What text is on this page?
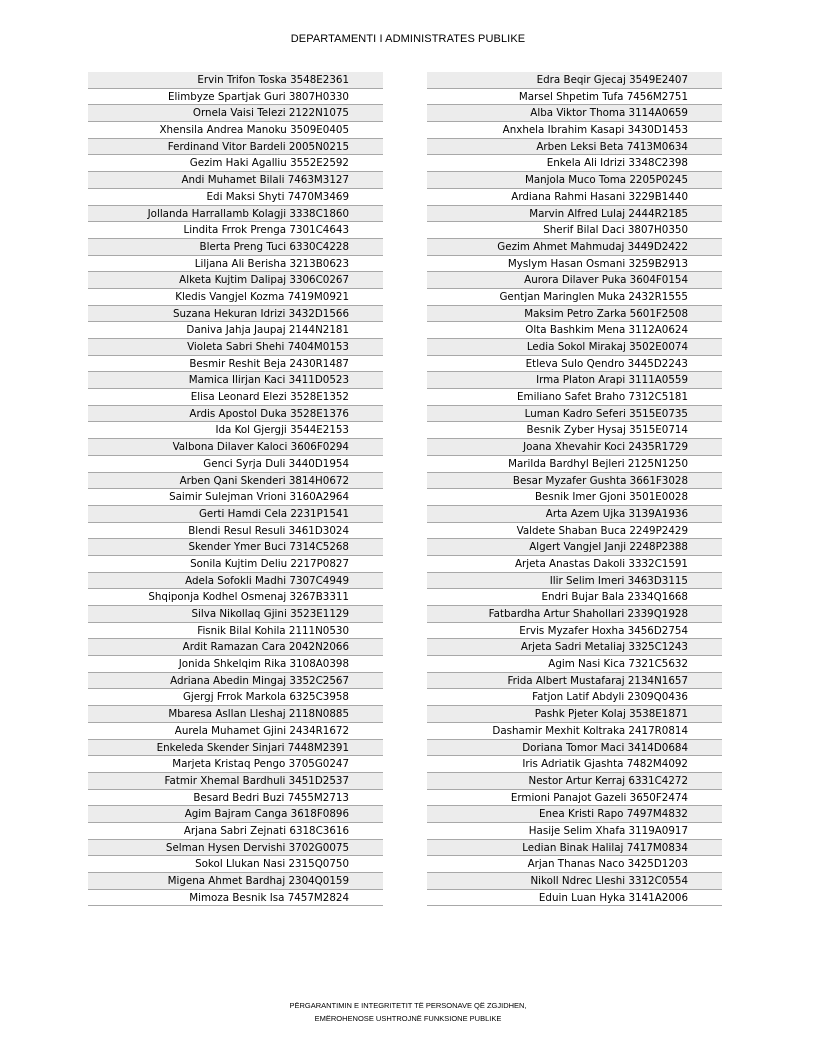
DEPARTAMENTI I ADMINISTRATES PUBLIKE
Ervin Trifon Toska 3548E2361
Elimbyze Spartjak Guri 3807H0330
Ornela Vaisi Telezi 2122N1075
Xhensila Andrea Manoku 3509E0405
Ferdinand Vitor Bardeli 2005N0215
Gezim Haki Agalliu 3552E2592
Andi Muhamet Bilali 7463M3127
Edi Maksi Shyti 7470M3469
Jollanda Harrallamb Kolagji 3338C1860
Lindita Frrok Prenga 7301C4643
Blerta Preng Tuci 6330C4228
Liljana Ali Berisha 3213B0623
Alketa Kujtim Dalipaj 3306C0267
Kledis Vangjel Kozma 7419M0921
Suzana Hekuran Idrizi 3432D1566
Daniva Jahja Jaupaj 2144N2181
Violeta Sabri Shehi 7404M0153
Besmir Reshit Beja 2430R1487
Mamica Ilirjan Kaci 3411D0523
Elisa Leonard Elezi 3528E1352
Ardis Apostol Duka 3528E1376
Ida Kol Gjergji 3544E2153
Valbona Dilaver Kaloci 3606F0294
Genci Syrja Duli 3440D1954
Arben Qani Skenderi 3814H0672
Saimir Sulejman Vrioni 3160A2964
Gerti Hamdi Cela 2231P1541
Blendi Resul Resuli 3461D3024
Skender Ymer Buci 7314C5268
Sonila Kujtim Deliu 2217P0827
Adela Sofokli Madhi 7307C4949
Shqiponja Kodhel Osmenaj 3267B3311
Silva Nikollaq Gjini 3523E1129
Fisnik Bilal Kohila 2111N0530
Ardit Ramazan Cara 2042N2066
Jonida Shkelqim Rika 3108A0398
Adriana Abedin Mingaj 3352C2567
Gjergj Frrok Markola 6325C3958
Mbaresa Asllan Lleshaj 2118N0885
Aurela Muhamet Gjini 2434R1672
Enkeleda Skender Sinjari 7448M2391
Marjeta Kristaq Pengo 3705G0247
Fatmir Xhemal Bardhuli 3451D2537
Besard Bedri Buzi 7455M2713
Agim Bajram Canga 3618F0896
Arjana Sabri Zejnati 6318C3616
Selman Hysen Dervishi 3702G0075
Sokol Llukan Nasi 2315Q0750
Migena Ahmet Bardhaj 2304Q0159
Mimoza Besnik Isa 7457M2824
Edra Beqir Gjecaj 3549E2407
Marsel Shpetim Tufa 7456M2751
Alba Viktor Thoma 3114A0659
Anxhela Ibrahim Kasapi 3430D1453
Arben Leksi Beta 7413M0634
Enkela Ali Idrizi 3348C2398
Manjola Muco Toma 2205P0245
Ardiana Rahmi Hasani 3229B1440
Marvin Alfred Lulaj 2444R2185
Sherif Bilal Daci 3807H0350
Gezim Ahmet Mahmudaj 3449D2422
Myslym Hasan Osmani 3259B2913
Aurora Dilaver Puka 3604F0154
Gentjan Maringlen Muka 2432R1555
Maksim Petro Zarka 5601F2508
Olta Bashkim Mena 3112A0624
Ledia Sokol Mirakaj 3502E0074
Etleva Sulo Qendro 3445D2243
Irma Platon Arapi 3111A0559
Emiliano Safet Braho 7312C5181
Luman Kadro Seferi 3515E0735
Besnik Zyber Hysaj 3515E0714
Joana Xhevahir Koci 2435R1729
Marilda Bardhyl Bejleri 2125N1250
Besar Myzafer Gushta 3661F3028
Besnik Imer Gjoni 3501E0028
Arta Azem Ujka 3139A1936
Valdete Shaban Buca 2249P2429
Algert Vangjel Janji 2248P2388
Arjeta Anastas Dakoli 3332C1591
Ilir Selim Imeri 3463D3115
Endri Bujar Bala 2334Q1668
Fatbardha Artur Shahollari 2339Q1928
Ervis Myzafer Hoxha 3456D2754
Arjeta Sadri Metaliaj 3325C1243
Agim Nasi Kica 7321C5632
Frida Albert Mustafaraj 2134N1657
Fatjon Latif Abdyli 2309Q0436
Pashk Pjeter Kolaj 3538E1871
Dashamir Mexhit Koltraka 2417R0814
Doriana Tomor Maci 3414D0684
Iris Adriatik Gjashta 7482M4092
Nestor Artur Kerraj 6331C4272
Ermioni Panajot Gazeli 3650F2474
Enea Kristi Rapo 7497M4832
Hasije Selim Xhafa 3119A0917
Ledian Binak Halilaj 7417M0834
Arjan Thanas Naco 3425D1203
Nikoll Ndrec Lleshi 3312C0554
Eduin Luan Hyka 3141A2006
PËRGARANTIMIN E INTEGRITETIT TË PERSONAVE QË ZGJIDHEN,
EMËROHENOSE USHTROJNË FUNKSIONE PUBLIKE
